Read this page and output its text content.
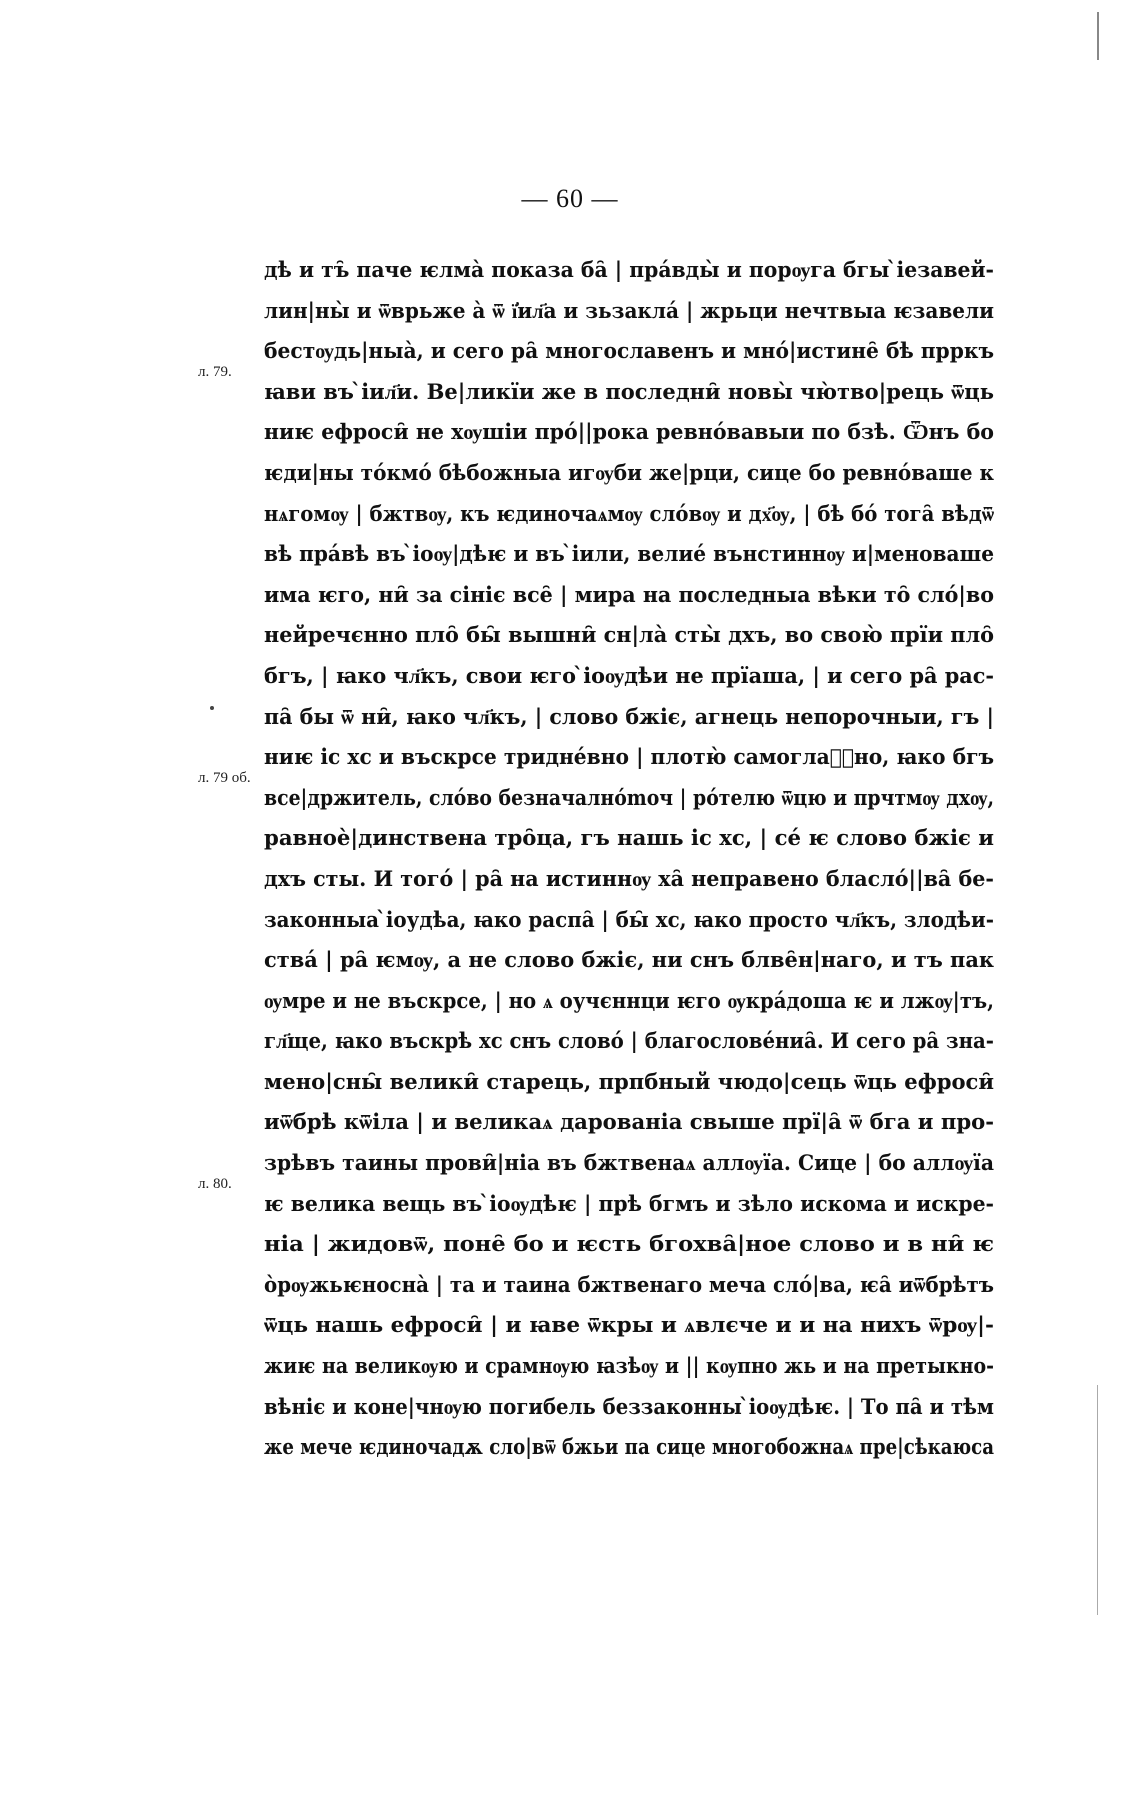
— 60 —
л. 79.
л. 79 об.
л. 80.
дѣ и тъ̑ паче ѥлма̀ показа ба̑ | пра́вды̀ и порѹга бгы ̀іезавей-
лин|ны̀ и ѿврьже а̀ ѿ ї҆ил҃а и зьзакла́ | жрьци нечтвыа ѥзавели
бестѹдь|ныа̀, и сего ра̑ многославенъ и мно́|истине̑ бѣ прркъ
ꙗви въ ̀іил҃и. Ве|ликїи же в последни̑ новы̀ чю̀тво|рець ѿць
ниѥ ефроси̑ не хѹшiи про́||рока ревно́вавыи по бзѣ. Ѿнъ бо
ѥди|ны то́кмо́ бѣбожныа игѹби же|рци, сице бо ревно́ваше к
нѧгомѹ | бжтвѹ, къ ѥдиночаѧмѹ сло́вѹ и дх҃ѹ, | бѣ бо́ тога̑ вѣдѿ
вѣ пра́вѣ въ ̀іоѹ|дѣѥ и въ ̀іили, велие́ вънстиннѹ и|меноваше
има ѥго, ни̑ за сiнiє все̑ | мира на последныа вѣки то̑ сло́|во
нейречєнно пло̑ бы̑ вышни̑ сн|ла̀ сты̀ дхъ, во свою̀ прїи пло̑
бгъ, | ꙗко чл҃къ, свои ѥго ̀іоѹдѣи не прїаша, | и сего ра̑ рас-
па̑ бы ѿ ни̑, ꙗко чл҃къ, | слово бжiє, агнець непорочныи, гъ |
ниѥ ic хс и въскрсе тридне́вно | плотю̀ самоглаⷭ҇но, ꙗко бгъ
все|држитель, сло́во безначалнómoч | ро́телю ѿцю и прчтмѹ дхѹ,
равноѐ|динствена тро̑ца, гъ нашь ic хс, | се́ ѥ слово бжiє и
дхъ сты. И того́ | ра̑ на истиннѹ ха̑ неправено бласло́||ва̑ бе-
законныа ̀іоудѣа, ꙗко распа̑ | бы̑ хс, ꙗко просто чл҃къ, злодѣи-
ства́ | ра̑ ѥмѹ, а не слово бжiє, ни снъ блве̑н|наго, и тъ пак
ѹмре и не въскрсе, | но ѧ оучєннци ѥго ѹкра́доша ѥ и лжѹ|тъ,
гл҃ще, ꙗко въскрѣ хс снъ слово́ | благослове́ниа̑. И сего ра̑ зна-
мено|сны̑ велики̑ старець, прпбный чюдо|сець ѿць ефроси̑
иѿбрѣ кѿiла | и великаѧ дарованiа свыше прї|а̑ ѿ бга и про-
зрѣвъ таины прови̑|нiа въ бжтвенаѧ аллѹїа. Сице | бо аллѹїа
ѥ велика вещь въ ̀іоѹдѣѥ | прѣ бгмъ и зѣло искома и искре-
нiа | жидовѿ, поне̑ бо и ѥсть бгохва̑|ное слово и в ни̑ ѥ
о̀рѹжьѥносна̀ | та и таина бжтвенаго меча сло́|ва, ѥа̑ иѿбрѣтъ
ѿць нашь ефроси̑ | и ꙗве ѿкры и ѧвлєче и и на нихъ ѿрѹ|-
жиѥ на великѹю и срамнѹю ꙗзѣѹ и || кѹпно жь и на претыкно-
вѣнiє и коне|чнѹю погибель беззаконны ̀іоѹдѣѥ. | То па̑ и тѣм
же мече ѥдиночадѫ сло|вѿ бжьи па сице многобожнаѧ пре|сѣкаюса
